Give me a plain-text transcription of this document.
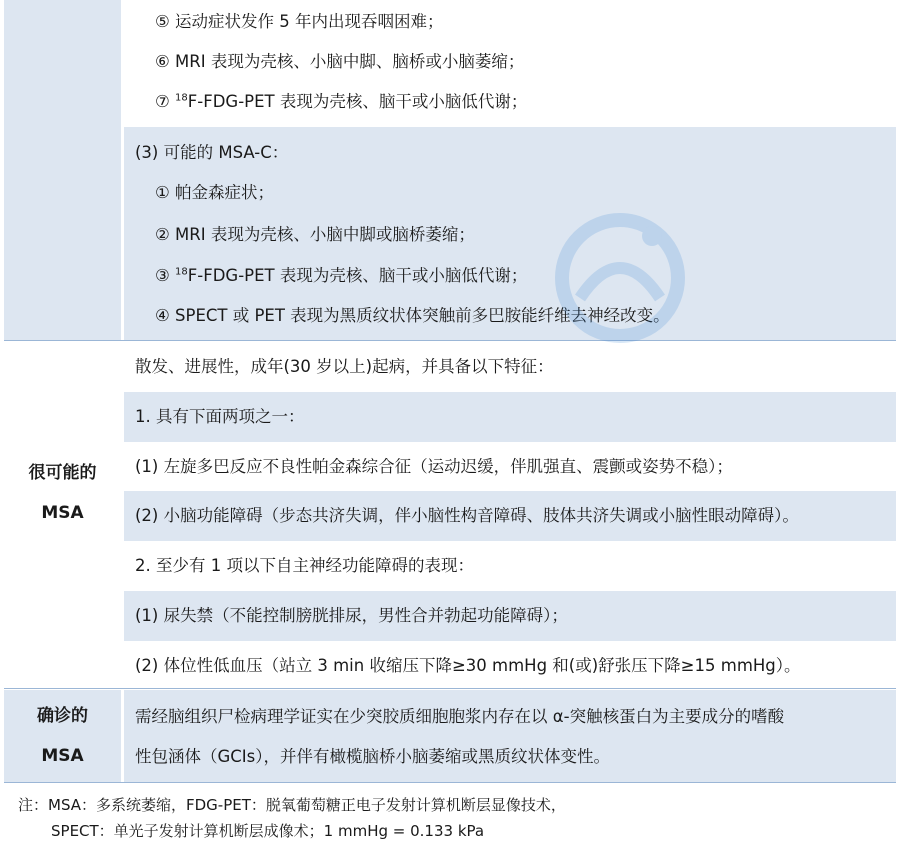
很可能的
MSA
确诊的
MSA
⑤ 运动症状发作 5 年内出现吞咽困难；
⑥ MRI 表现为壳核、小脑中脚、脑桥或小脑萎缩；
⑦ $^{18}$F-FDG-PET 表现为壳核、脑干或小脑低代谢；
(3) 可能的 MSA-C：
① 帕金森症状；
② MRI 表现为壳核、小脑中脚或脑桥萎缩；
③ $^{18}$F-FDG-PET 表现为壳核、脑干或小脑低代谢；
④ SPECT 或 PET 表现为黑质纹状体突触前多巴胺能纤维去神经改变。
散发、进展性，成年(30 岁以上)起病，并具备以下特征：
1. 具有下面两项之一：
(1) 左旋多巴反应不良性帕金森综合征（运动迟缓，伴肌强直、震颤或姿势不稳）；
(2) 小脑功能障碍（步态共济失调，伴小脑性构音障碍、肢体共济失调或小脑性眼动障碍）。
2. 至少有 1 项以下自主神经功能障碍的表现：
(1) 尿失禁（不能控制膀胱排尿，男性合并勃起功能障碍）；
(2) 体位性低血压（站立 3 min 收缩压下降≥30 mmHg 和(或)舒张压下降≥15 mmHg）。
需经脑组织尸检病理学证实在少突胶质细胞胞浆内存在以 α-突触核蛋白为主要成分的嗜酸
性包涵体（GCIs），并伴有橄榄脑桥小脑萎缩或黑质纹状体变性。
注：MSA：多系统萎缩，FDG-PET：脱氧葡萄糖正电子发射计算机断层显像技术，
SPECT：单光子发射计算机断层成像术；1 mmHg = 0.133 kPa
